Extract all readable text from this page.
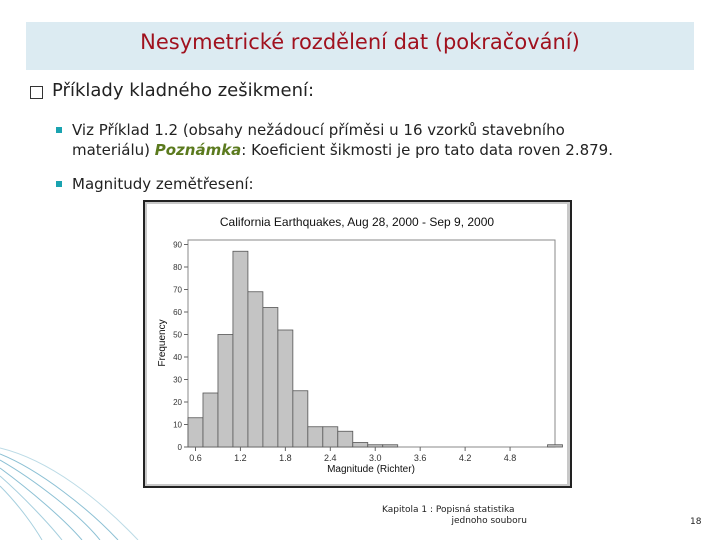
Nesymetrické rozdělení dat (pokračování)
Příklady kladného zešikmení:
Viz Příklad 1.2 (obsahy nežádoucí příměsi u 16 vzorků stavebního
materiálu) Poznámka: Koeficient šikmosti je pro tato data roven 2.879.
Magnitudy zemětřesení:
California Earthquakes, Aug 28, 2000 - Sep 9, 2000
0
10
20
30
40
50
60
70
80
90
0.6	1.2	1.8	2.4	3.0	3.6	4.2	4.8
Frequency
Magnitude (Richter)
Kapitola 1 : Popisná statistika
jednoho souboru	18
